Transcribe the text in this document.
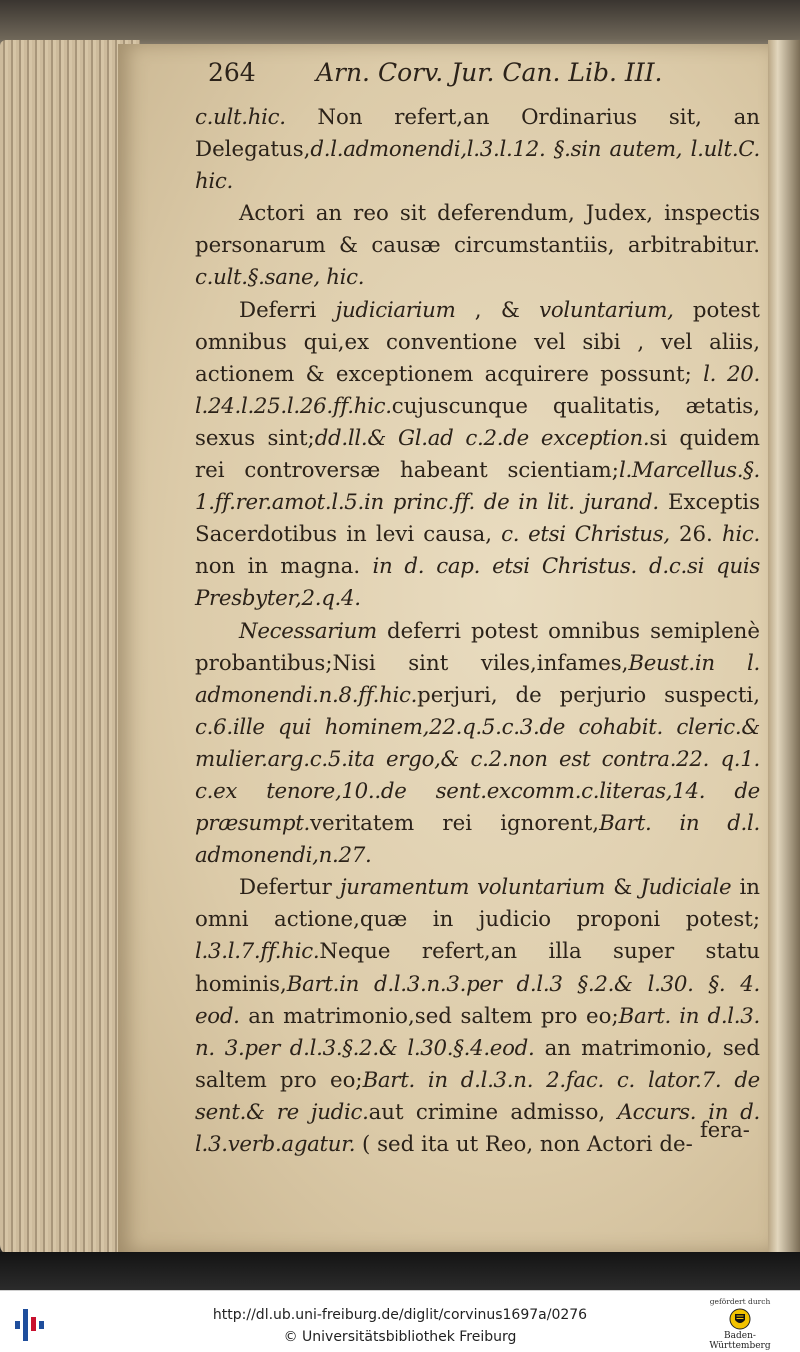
264 Arn. Corv. Jur. Can. Lib. III.

c.ult.hic. Non refert,an Ordinarius sit, an Delegatus,d.l.admonendi,l.3.l.12. §.sin autem, l.ult.C. hic.

Actori an reo sit deferendum, Judex, inspectis personarum & causæ circumstantiis, arbitrabitur. c.ult.§.sane, hic.

Deferri judiciarium , & voluntarium, potest omnibus qui,ex conventione vel sibi , vel aliis, actionem & exceptionem acquirere possunt; l. 20. l.24.l.25.l.26.ff.hic.cujuscunque qualitatis, ætatis, sexus sint;dd.ll.& Gl.ad c.2.de exception.si quidem rei controversæ habeant scientiam;l.Marcellus.§. 1.ff.rer.amot.l.5.in princ.ff. de in lit. jurand. Exceptis Sacerdotibus in levi causa, c. etsi Christus, 26. hic. non in magna. in d. cap. etsi Christus. d.c.si quis Presbyter,2.q.4.

Necessarium deferri potest omnibus semiplenè probantibus;Nisi sint viles,infames,Beust.in l. admonendi.n.8.ff.hic.perjuri, de perjurio suspecti, c.6.ille qui hominem,22.q.5.c.3.de cohabit. cleric.& mulier.arg.c.5.ita ergo,& c.2.non est contra.22. q.1. c.ex tenore,10..de sent.excomm.c.literas,14. de præsumpt.veritatem rei ignorent,Bart. in d.l. admonendi,n.27.

Defertur juramentum voluntarium & Judiciale in omni actione,quæ in judicio proponi potest; l.3.l.7.ff.hic.Neque refert,an illa super statu hominis,Bart.in d.l.3.n.3.per d.l.3 §.2.& l.30. §. 4. eod. an matrimonio,sed saltem pro eo;Bart. in d.l.3. n. 3.per d.l.3.§.2.& l.30.§.4.eod. an matrimonio, sed saltem pro eo;Bart. in d.l.3.n. 2.fac. c. lator.7. de sent.& re judic.aut crimine admisso, Accurs. in d. l.3.verb.agatur. ( sed ita ut Reo, non Actori de-

fera-
http://dl.ub.uni-freiburg.de/diglit/corvinus1697a/0276
© Universitätsbibliothek Freiburg
gefördert durch
Baden-Württemberg
